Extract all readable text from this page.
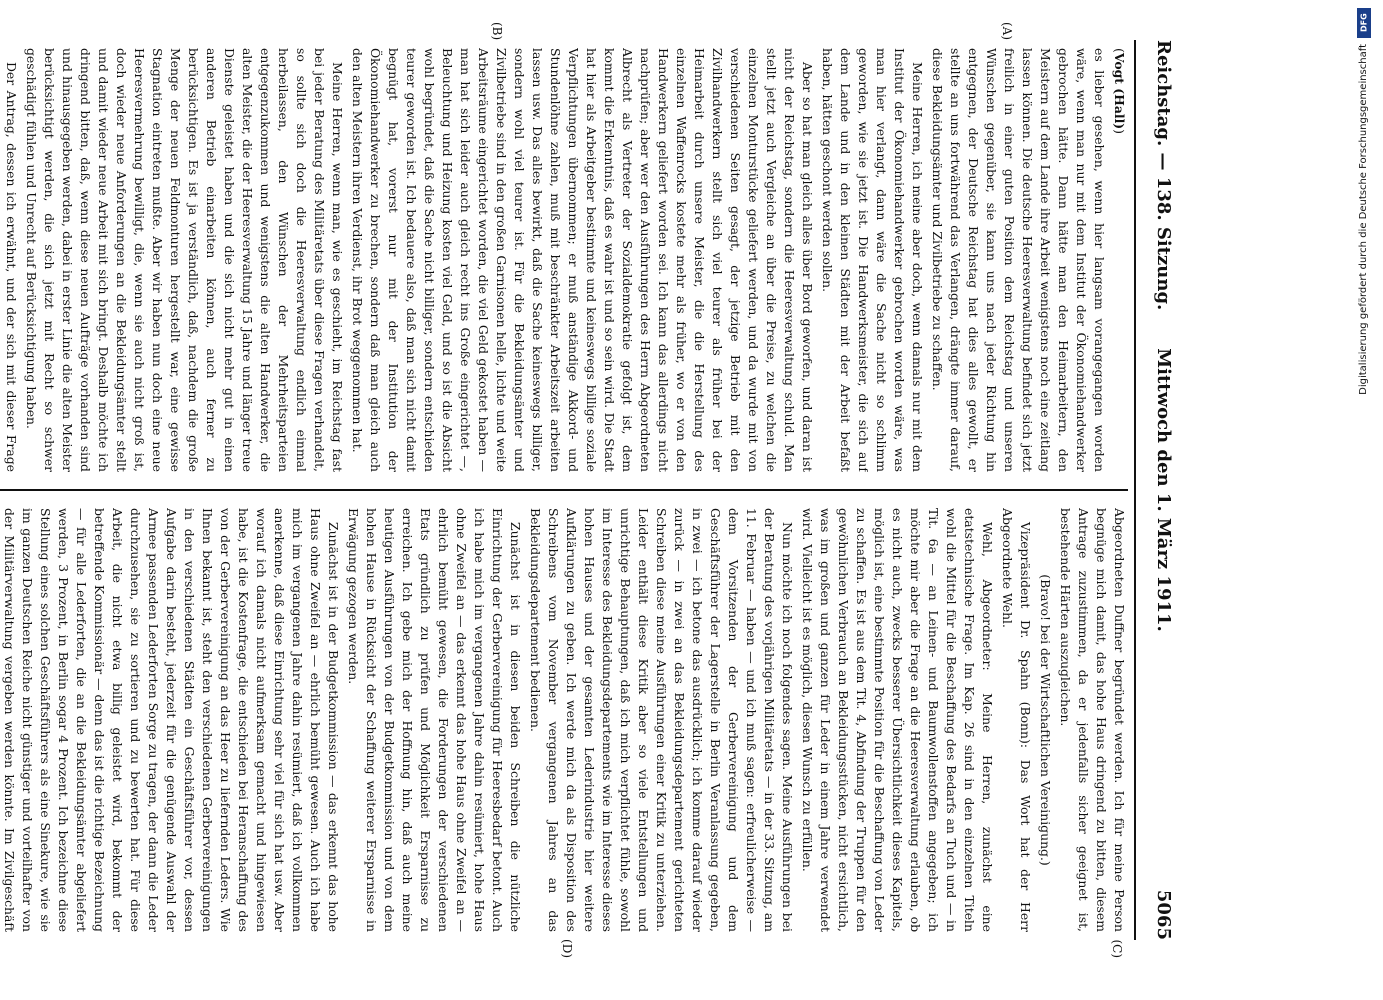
Reichstag. — 138. Sitzung.
Mittwoch den 1. März 1911.
5065
(A)
(B)
(C)
(D)

(Vogt (Hall))

es lieber gesehen, wenn hier langsam vorangegangen worden wäre, wenn man nur mit dem Institut der Ökonomiehandwerker gebrochen hätte. Dann hätte man den Heimarbeitern, den Meistern auf dem Lande ihre Arbeit wenigstens noch eine zeitlang lassen können. Die deutsche Heeresverwaltung befindet sich jetzt freilich in einer guten Position dem Reichstag und unseren Wünschen gegenüber, sie kann uns nach jeder Richtung hin entgegnen, der Deutsche Reichstag hat dies alles gewollt, er stellte an uns fortwährend das Verlangen, drängte immer darauf, diese Bekleidungsämter und Zivilbetriebe zu schaffen.

Meine Herren, ich meine aber doch, wenn damals nur mit dem Institut der Ökonomiehandwerker gebrochen worden wäre, was man hier verlangt, dann wäre die Sache nicht so schlimm geworden, wie sie jetzt ist. Die Handwerksmeister, die sich auf dem Lande und in den kleinen Städten mit der Arbeit befaßt haben, hätten geschont werden sollen.

Aber so hat man gleich alles über Bord geworfen, und daran ist nicht der Reichstag, sondern die Heeresverwaltung schuld. Man stellt jetzt auch Vergleiche an über die Preise, zu welchen die einzelnen Monturstücke geliefert werden, und da wurde mit von verschiedenen Seiten gesagt, der jetzige Betrieb mit den Zivilhandwerkern stellt sich viel teurer als früher bei der Heimarbeit durch unsere Meister, die die Herstellung des einzelnen Waffenrocks kostete mehr als früher, wo er von den Handwerkern geliefert worden sei. Ich kann das allerdings nicht nachprüfen; aber wer den Ausführungen des Herrn Abgeordneten Albrecht als Vertreter der Sozialdemokratie gefolgt ist, dem kommt die Erkenntnis, daß es wahr ist und so sein wird. Die Stadt hat hier als Arbeitgeber bestimmte und keineswegs billige soziale Verpflichtungen übernommen; er muß anständige Akkord- und Stundenlöhne zahlen, muß mit beschränkter Arbeitszeit arbeiten lassen usw. Das alles bewirkt, daß die Sache keineswegs billiger, sondern wohl viel teurer ist. Für die Bekleidungsämter und Zivilbetriebe sind in den großen Garnisonen helle, lichte und weite Arbeitsräume eingerichtet worden, die viel Geld gekostet haben — man hat sich leider auch gleich recht ins Große eingerichtet —, Beleuchtung und Heizung kosten viel Geld, und so ist die Absicht wohl begründet, daß die Sache nicht billiger, sondern entschieden teurer geworden ist. Ich bedauere also, daß man sich nicht damit begnügt hat, vorerst nur mit der Institution der Ökonomiehandwerker zu brechen, sondern daß man gleich auch den alten Meistern ihren Verdienst, ihr Brot weggenommen hat.

Meine Herren, wenn man, wie es geschieht, im Reichstag fast bei jeder Beratung des Militäretats über diese Fragen verhandelt, so sollte sich doch die Heeresverwaltung endlich einmal herbeilassen, den Wünschen der Mehrheitsparteien entgegenzukommen und wenigstens die alten Handwerker, die alten Meister, die der Heeresverwaltung 15 Jahre und länger treue Dienste geleistet haben und die sich nicht mehr gut in einen anderen Betrieb einarbeiten können, auch ferner zu berücksichtigen. Es ist ja verständlich, daß, nachdem die große Menge der neuen Feldmonturen hergestellt war, eine gewisse Stagnation eintreten mußte. Aber wir haben nun doch eine neue Heeresvermehrung bewilligt, die, wenn sie auch nicht groß ist, doch wieder neue Anforderungen an die Bekleidungsämter stellt und damit wieder neue Arbeit mit sich bringt. Deshalb möchte ich dringend bitten, daß, wenn diese neuen Aufträge vorhanden sind und hinausgegeben werden, dabei in erster Linie die alten Meister berücksichtigt werden, die sich jetzt mit Recht so schwer geschädigt fühlen und Unrecht auf Berücksichtigung haben.

Der Antrag, dessen ich erwähnt, und der sich mit dieser Frage

Abgeordneten Duffner begründet werden. Ich für meine Person begnüge mich damit, das hohe Haus dringend zu bitten, diesem Antrage zuzustimmen, da er jedenfalls sicher geeignet ist, bestehende Härten auszugleichen.

(Bravo! bei der Wirtschaftlichen Vereinigung.)

Vizepräsident Dr. Spahn (Bonn): Das Wort hat der Herr Abgeordnete Wehl.

Wehl, Abgeordneter: Meine Herren, zunächst eine etatstechnische Frage. Im Kap. 26 sind in den einzelnen Titeln wohl die Mittel für die Beschaffung des Bedarfs an Tuch und — in Tit. 6a — an Leinen- und Baumwollenstoffen angegeben; ich möchte mir aber die Frage an die Heeresverwaltung erlauben, ob es nicht auch, zwecks besserer Übersichtlichkeit dieses Kapitels, möglich ist, eine bestimmte Position für die Beschaffung von Leder zu schaffen. Es ist aus dem Tit. 4, Abfindung der Truppen für den gewöhnlichen Verbrauch an Bekleidungsstücken, nicht ersichtlich, was im großen und ganzen für Leder in einem Jahre verwendet wird. Vielleicht ist es möglich, diesen Wunsch zu erfüllen.

Nun möchte ich noch folgendes sagen. Meine Ausführungen bei der Beratung des vorjährigen Militäretats — in der 33. Sitzung, am 11. Februar — haben — und ich muß sagen: erfreulicherweise — dem Vorsitzenden der Gerbervereinigung und dem Geschäftsführer der Lagerstelle in Berlin Veranlassung gegeben, in zwei — ich betone das ausdrücklich; ich komme darauf wieder zurück — in zwei an das Bekleidungsdepartement gerichteten Schreiben diese meine Ausführungen einer Kritik zu unterziehen. Leider enthält diese Kritik aber so viele Entstellungen und unrichtige Behauptungen, daß ich mich verpflichtet fühle, sowohl im Interesse des Bekleidungsdepartements wie im Interesse dieses hohen Hauses und der gesamten Lederindustrie hier weitere Aufklärungen zu geben. Ich werde mich da als Disposition des Schreibens vom November vergangenen Jahres an das Bekleidungsdepartement bedienen.

Zunächst ist in diesen beiden Schreiben die nützliche Einrichtung der Gerbervereinigung für Heeresbedarf betont. Auch ich habe mich im vergangenen Jahre dahin resümiert, hohe Haus ohne Zweifel an — das erkennt das hohe Haus ohne Zweifel an — ehrlich bemüht gewesen, die Forderungen der verschiedenen Etats gründlich zu prüfen und Möglichkeit Ersparnisse zu erreichen. Ich gebe mich der Hoffnung hin, daß auch meine heutigen Ausführungen von der Budgetkommission und von dem hohen Hause in Rücksicht der Schaffung weiterer Ersparnisse in Erwägung gezogen werden.

Zunächst ist in der Budgetkommission — das erkennt das hohe Haus ohne Zweifel an — ehrlich bemüht gewesen. Auch ich habe mich im vergangenen Jahre dahin resümiert, daß ich vollkommen anerkenne, daß diese Einrichtung sehr viel für sich hat usw. Aber worauf ich damals nicht aufmerksam gemacht und hingewiesen habe, ist die Kostenfrage, die entschieden bei Heranschaffung des von der Gerbervereinigung an das Heer zu liefernden Leders. Wie Ihnen bekannt ist, steht den verschiedenen Gerbervereinigungen in den verschiedenen Städten ein Geschäftsführer vor, dessen Aufgabe darin besteht, jederzeit für die genügende Auswahl der Armee passenden Lederforten Sorge zu tragen, der dann die Leder durchzusehen, sie zu sortieren und zu bewerten hat. Für diese Arbeit, die nicht etwa billig geleistet wird, bekommt der betreffende Kommissionär — denn das ist die richtige Bezeichnung — für alle Lederforten, die an die Bekleidungsämter abgeliefert werden, 3 Prozent, in Berlin sogar 4 Prozent. Ich bezeichne diese Stellung eines solchen Geschäftsführers als eine Sinekure, wie sie im ganzen Deutschen Reiche nicht günstiger und vorteilhafter von der Militärverwaltung vergeben werden könnte. Im Zivilgeschäft

DFG
Digitalisierung gefördert durch die Deutsche Forschungsgemeinschaft
